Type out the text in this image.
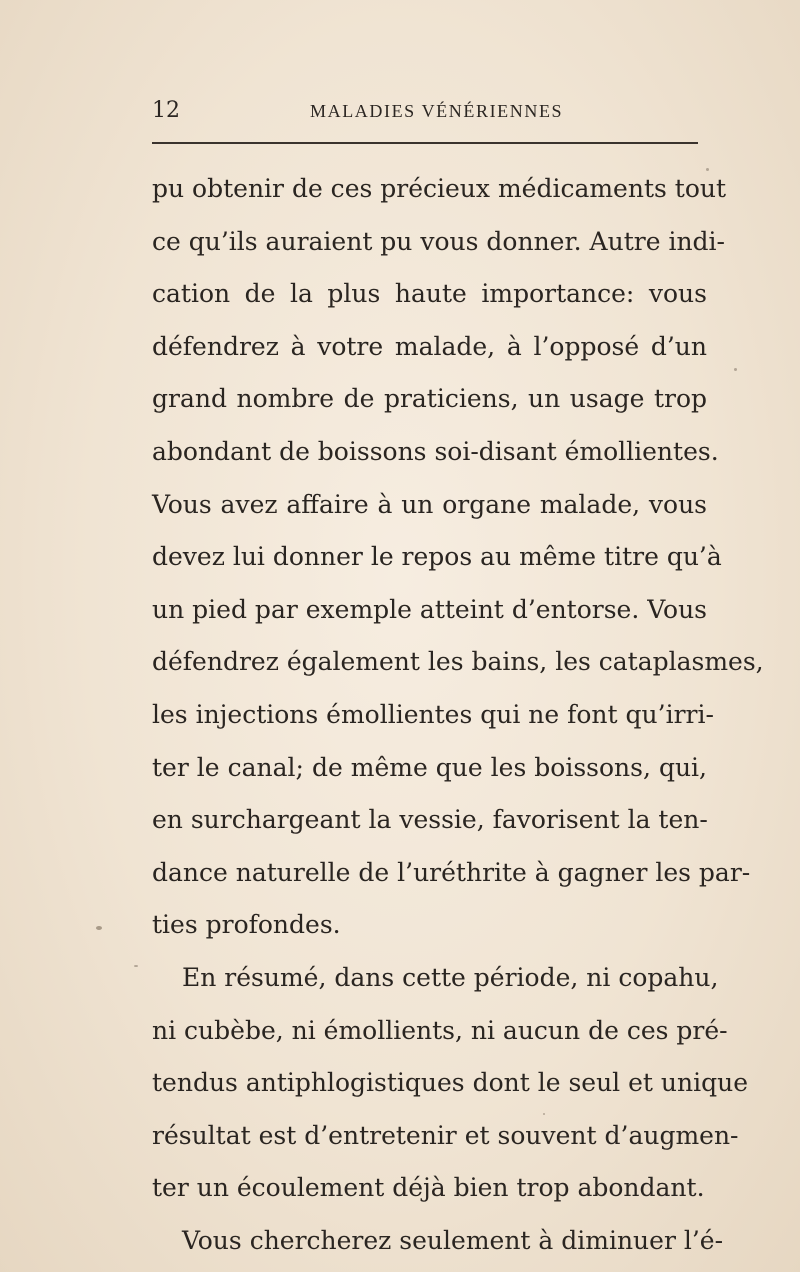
12	MALADIES VÉNÉRIENNES
pu obtenir de ces précieux médicaments tout
ce qu’ils auraient pu vous donner. Autre indi-
cation de la plus haute importance: vous
défendrez à votre malade, à l’opposé d’un
grand nombre de praticiens, un usage trop
abondant de boissons soi-disant émollientes.
Vous avez affaire à un organe malade, vous
devez lui donner le repos au même titre qu’à
un pied par exemple atteint d’entorse. Vous
défendrez également les bains, les cataplasmes,
les injections émollientes qui ne font qu’irri-
ter le canal; de même que les boissons, qui,
en surchargeant la vessie, favorisent la ten-
dance naturelle de l’uréthrite à gagner les par-
ties profondes.
En résumé, dans cette période, ni copahu,
ni cubèbe, ni émollients, ni aucun de ces pré-
tendus antiphlogistiques dont le seul et unique
résultat est d’entretenir et souvent d’augmen-
ter un écoulement déjà bien trop abondant.
Vous chercherez seulement à diminuer l’é-
